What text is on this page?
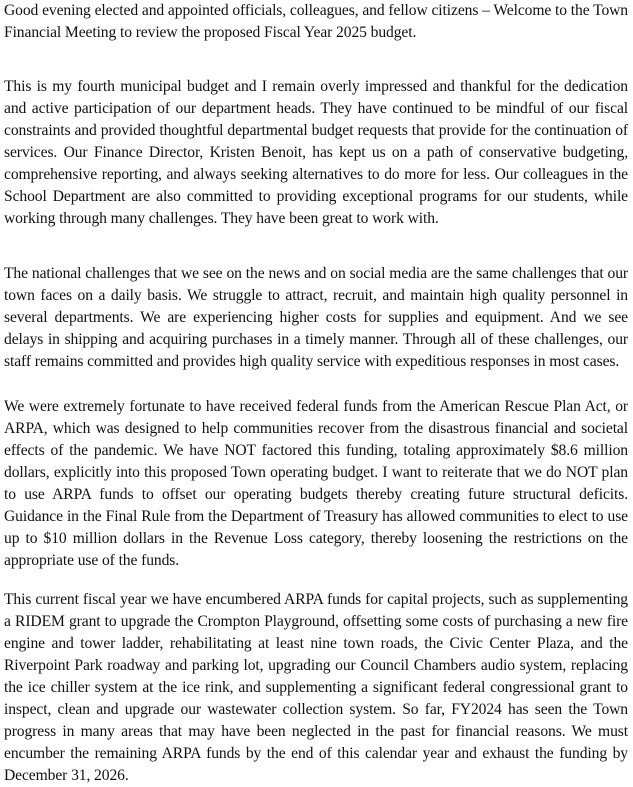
Good evening elected and appointed officials, colleagues, and fellow citizens – Welcome to the Town Financial Meeting to review the proposed Fiscal Year 2025 budget.

This is my fourth municipal budget and I remain overly impressed and thankful for the dedication and active participation of our department heads. They have continued to be mindful of our fiscal constraints and provided thoughtful departmental budget requests that provide for the continuation of services. Our Finance Director, Kristen Benoit, has kept us on a path of conservative budgeting, comprehensive reporting, and always seeking alternatives to do more for less. Our colleagues in the School Department are also committed to providing exceptional programs for our students, while working through many challenges. They have been great to work with.

The national challenges that we see on the news and on social media are the same challenges that our town faces on a daily basis. We struggle to attract, recruit, and maintain high quality personnel in several departments. We are experiencing higher costs for supplies and equipment. And we see delays in shipping and acquiring purchases in a timely manner. Through all of these challenges, our staff remains committed and provides high quality service with expeditious responses in most cases.

We were extremely fortunate to have received federal funds from the American Rescue Plan Act, or ARPA, which was designed to help communities recover from the disastrous financial and societal effects of the pandemic. We have NOT factored this funding, totaling approximately $8.6 million dollars, explicitly into this proposed Town operating budget. I want to reiterate that we do NOT plan to use ARPA funds to offset our operating budgets thereby creating future structural deficits. Guidance in the Final Rule from the Department of Treasury has allowed communities to elect to use up to $10 million dollars in the Revenue Loss category, thereby loosening the restrictions on the appropriate use of the funds.

This current fiscal year we have encumbered ARPA funds for capital projects, such as supplementing a RIDEM grant to upgrade the Crompton Playground, offsetting some costs of purchasing a new fire engine and tower ladder, rehabilitating at least nine town roads, the Civic Center Plaza, and the Riverpoint Park roadway and parking lot, upgrading our Council Chambers audio system, replacing the ice chiller system at the ice rink, and supplementing a significant federal congressional grant to inspect, clean and upgrade our wastewater collection system. So far, FY2024 has seen the Town progress in many areas that may have been neglected in the past for financial reasons. We must encumber the remaining ARPA funds by the end of this calendar year and exhaust the funding by December 31, 2026.
